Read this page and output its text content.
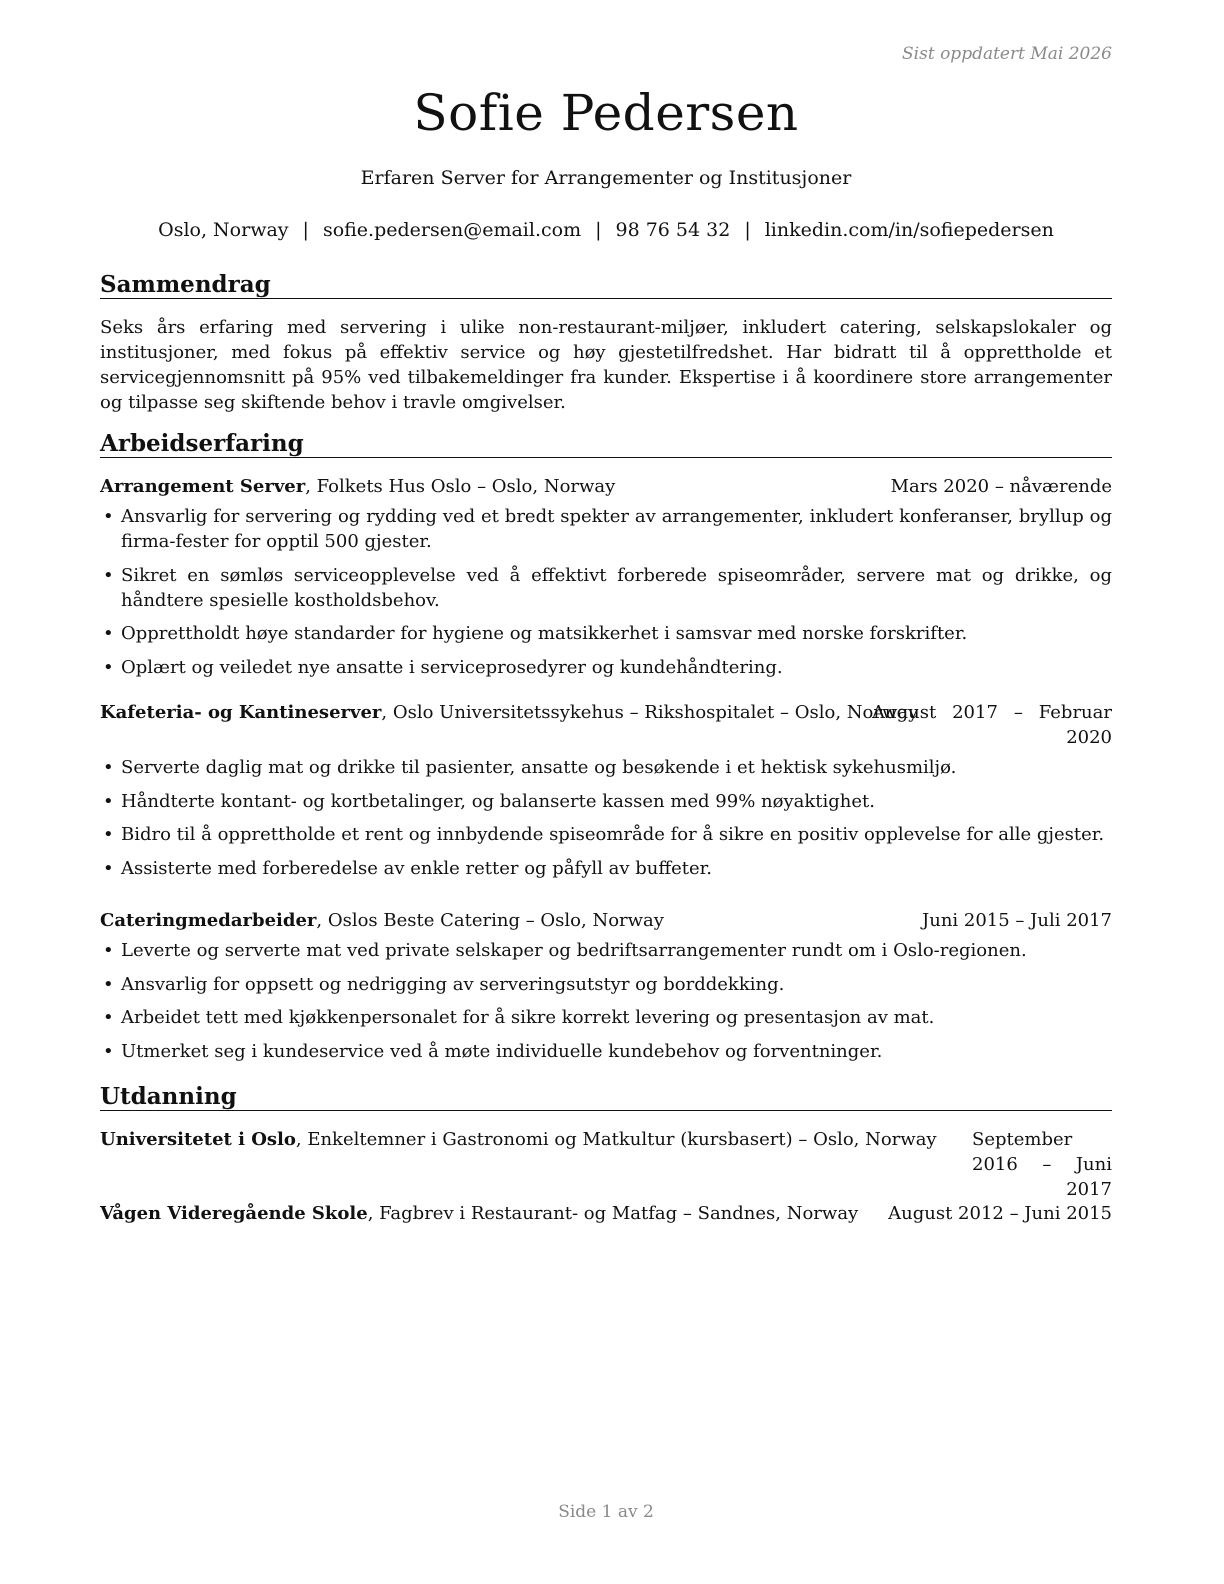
Sist oppdatert Mai 2026
Sofie Pedersen
Erfaren Server for Arrangementer og Institusjoner
Oslo, Norway | sofie.pedersen@email.com | 98 76 54 32 | linkedin.com/in/sofiepedersen
Sammendrag

Seks års erfaring med servering i ulike non-restaurant-miljøer, inkludert catering, selskapslokaler og institusjoner, med fokus på effektiv service og høy gjestetilfredshet. Har bidratt til å opprettholde et servicegjennomsnitt på 95% ved tilbakemeldinger fra kunder. Ekspertise i å koordinere store arrangementer og tilpasse seg skiftende behov i travle omgivelser.

Arbeidserfaring
Arrangement Server, Folkets Hus Oslo – Oslo, Norway	Mars 2020 – nåværende
• Ansvarlig for servering og rydding ved et bredt spekter av arrangementer, inkludert konferanser, bryllup og firma-fester for opptil 500 gjester.
• Sikret en sømløs serviceopplevelse ved å effektivt forberede spiseområder, servere mat og drikke, og håndtere spesielle kostholdsbehov.
• Opprettholdt høye standarder for hygiene og matsikkerhet i samsvar med norske forskrifter.
• Oplært og veiledet nye ansatte i serviceprosedyrer og kundehåndtering.
Kafeteria- og Kantineserver, Oslo Universitetssykehus – Rikshospitalet – Oslo, Norway
August 2017 – Februar 2020
• Serverte daglig mat og drikke til pasienter, ansatte og besøkende i et hektisk sykehusmiljø.
• Håndterte kontant- og kortbetalinger, og balanserte kassen med 99% nøyaktighet.
• Bidro til å opprettholde et rent og innbydende spiseområde for å sikre en positiv opplevelse for alle gjester.
• Assisterte med forberedelse av enkle retter og påfyll av buffeter.
Cateringmedarbeider, Oslos Beste Catering – Oslo, Norway	Juni 2015 – Juli 2017
• Leverte og serverte mat ved private selskaper og bedriftsarrangementer rundt om i Oslo-regionen.
• Ansvarlig for oppsett og nedrigging av serveringsutstyr og borddekking.
• Arbeidet tett med kjøkkenpersonalet for å sikre korrekt levering og presentasjon av mat.
• Utmerket seg i kundeservice ved å møte individuelle kundebehov og forventninger.
Utdanning
Universitetet i Oslo, Enkeltemner i Gastronomi og Matkultur (kursbasert) – Oslo, Norway September 2016 – Juni 2017
Vågen Videregående Skole, Fagbrev i Restaurant- og Matfag – Sandnes, Norway August 2012 – Juni 2015
Side 1 av 2
